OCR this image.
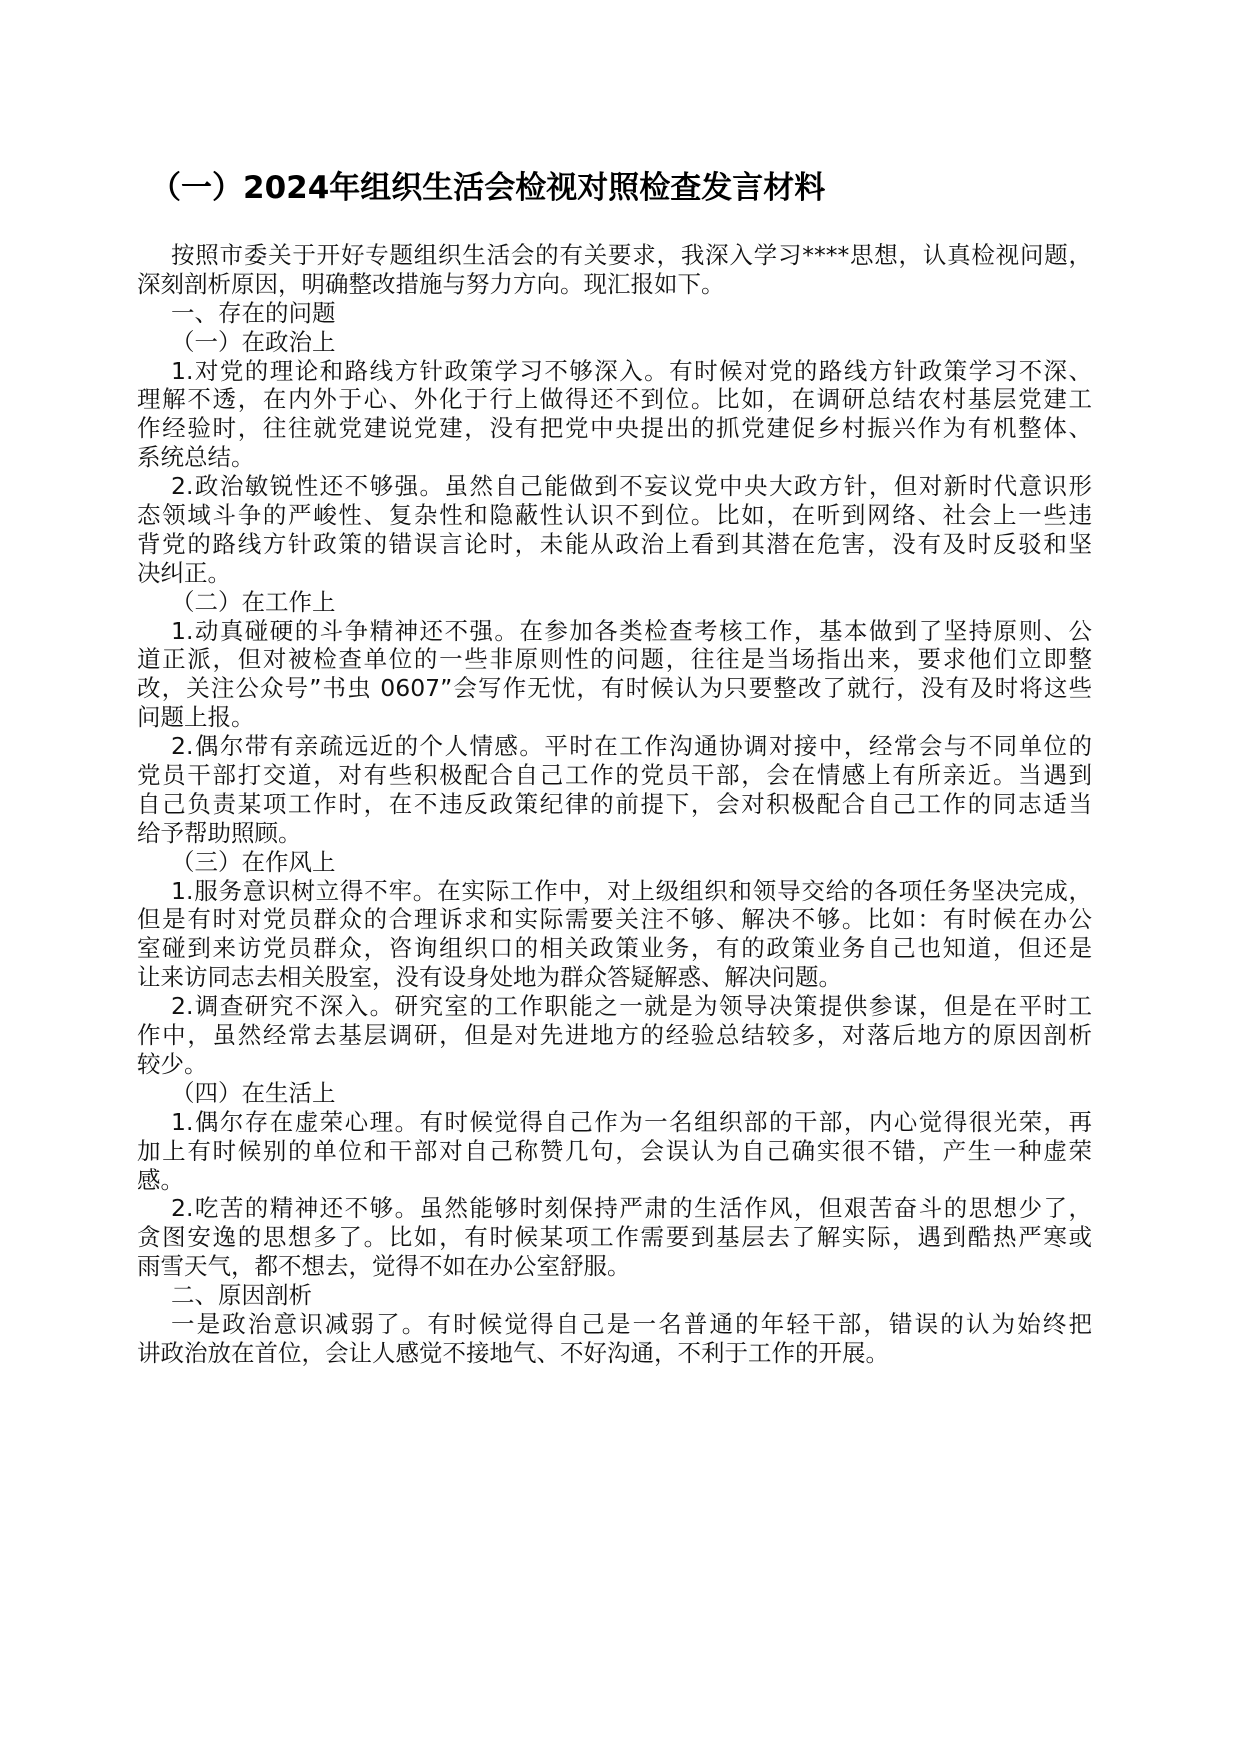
（一）2024年组织生活会检视对照检查发言材料
按照市委关于开好专题组织生活会的有关要求，我深入学习****思想，认真检视问题，
深刻剖析原因，明确整改措施与努力方向。现汇报如下。
一、存在的问题
（一）在政治上
1.对党的理论和路线方针政策学习不够深入。有时候对党的路线方针政策学习不深、
理解不透，在内外于心、外化于行上做得还不到位。比如，在调研总结农村基层党建工
作经验时，往往就党建说党建，没有把党中央提出的抓党建促乡村振兴作为有机整体、
系统总结。
2.政治敏锐性还不够强。虽然自己能做到不妄议党中央大政方针，但对新时代意识形
态领域斗争的严峻性、复杂性和隐蔽性认识不到位。比如，在听到网络、社会上一些违
背党的路线方针政策的错误言论时，未能从政治上看到其潜在危害，没有及时反驳和坚
决纠正。
（二）在工作上
1.动真碰硬的斗争精神还不强。在参加各类检查考核工作，基本做到了坚持原则、公
道正派，但对被检查单位的一些非原则性的问题，往往是当场指出来，要求他们立即整
改，关注公众号”书虫 0607”会写作无忧，有时候认为只要整改了就行，没有及时将这些
问题上报。
2.偶尔带有亲疏远近的个人情感。平时在工作沟通协调对接中，经常会与不同单位的
党员干部打交道，对有些积极配合自己工作的党员干部，会在情感上有所亲近。当遇到
自己负责某项工作时，在不违反政策纪律的前提下，会对积极配合自己工作的同志适当
给予帮助照顾。
（三）在作风上
1.服务意识树立得不牢。在实际工作中，对上级组织和领导交给的各项任务坚决完成，
但是有时对党员群众的合理诉求和实际需要关注不够、解决不够。比如：有时候在办公
室碰到来访党员群众，咨询组织口的相关政策业务，有的政策业务自己也知道，但还是
让来访同志去相关股室，没有设身处地为群众答疑解惑、解决问题。
2.调查研究不深入。研究室的工作职能之一就是为领导决策提供参谋，但是在平时工
作中，虽然经常去基层调研，但是对先进地方的经验总结较多，对落后地方的原因剖析
较少。
（四）在生活上
1.偶尔存在虚荣心理。有时候觉得自己作为一名组织部的干部，内心觉得很光荣，再
加上有时候别的单位和干部对自己称赞几句，会误认为自己确实很不错，产生一种虚荣
感。
2.吃苦的精神还不够。虽然能够时刻保持严肃的生活作风，但艰苦奋斗的思想少了，
贪图安逸的思想多了。比如，有时候某项工作需要到基层去了解实际，遇到酷热严寒或
雨雪天气，都不想去，觉得不如在办公室舒服。
二、原因剖析
一是政治意识减弱了。有时候觉得自己是一名普通的年轻干部，错误的认为始终把
讲政治放在首位，会让人感觉不接地气、不好沟通，不利于工作的开展。
